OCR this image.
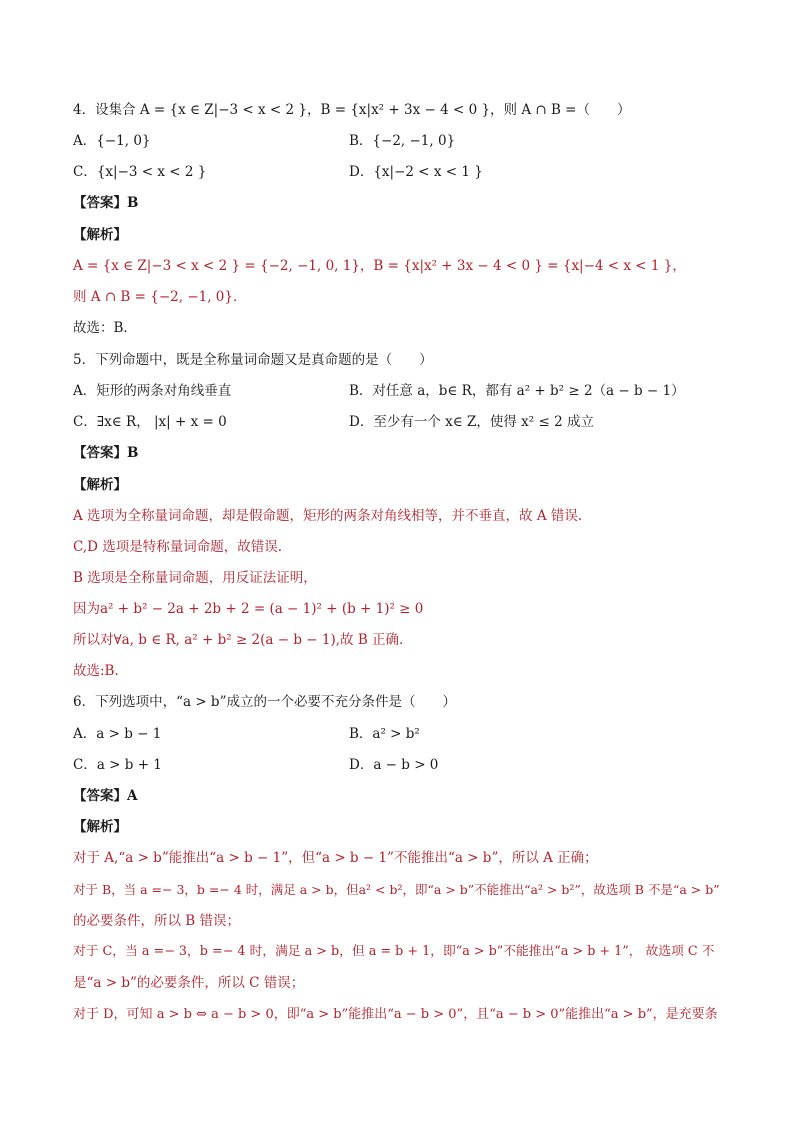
4．设集合 A = {x ∈ Z|−3 < x < 2 }，B = {x|x² + 3x − 4 < 0 }，则 A ∩ B =（　　）
A．{−1, 0}	B．{−2, −1, 0}
C．{x|−3 < x < 2 }	D．{x|−2 < x < 1 }
【答案】B
【解析】
A = {x ∈ Z|−3 < x < 2 } = {−2, −1, 0, 1}，B = {x|x² + 3x − 4 < 0 } = {x|−4 < x < 1 }，
则 A ∩ B = {−2, −1, 0}．
故选：B．
5．下列命题中，既是全称量词命题又是真命题的是（　　）
A．矩形的两条对角线垂直	B．对任意 a，b∈ R，都有 a² + b² ≥ 2（a − b − 1）
C．∃x∈ R， |x| + x = 0	D．至少有一个 x∈ Z，使得 x² ≤ 2 成立
【答案】B
【解析】
A 选项为全称量词命题，却是假命题，矩形的两条对角线相等，并不垂直，故 A 错误.
C,D 选项是特称量词命题，故错误.
B 选项是全称量词命题，用反证法证明，
因为a² + b² − 2a + 2b + 2 = (a − 1)² + (b + 1)² ≥ 0
所以对∀a, b ∈ R, a² + b² ≥ 2(a − b − 1),故 B 正确.
故选:B.
6．下列选项中，“a > b”成立的一个必要不充分条件是（　　）
A．a > b − 1	B．a² > b²
C．a > b + 1	D．a − b > 0
【答案】A
【解析】
对于 A,“a > b”能推出“a > b − 1”，但“a > b − 1”不能推出“a > b”，所以 A 正确；
对于 B，当 a =− 3，b =− 4 时，满足 a > b，但a² < b²，即“a > b”不能推出“a² > b²”，故选项 B 不是“a > b”
的必要条件，所以 B 错误；
对于 C，当 a =− 3，b =− 4 时，满足 a > b，但 a = b + 1，即“a > b”不能推出“a > b + 1”， 故选项 C 不
是“a > b”的必要条件，所以 C 错误；
对于 D，可知 a > b ⇔ a − b > 0，即“a > b”能推出“a − b > 0”，且“a − b > 0”能推出“a > b”，是充要条
